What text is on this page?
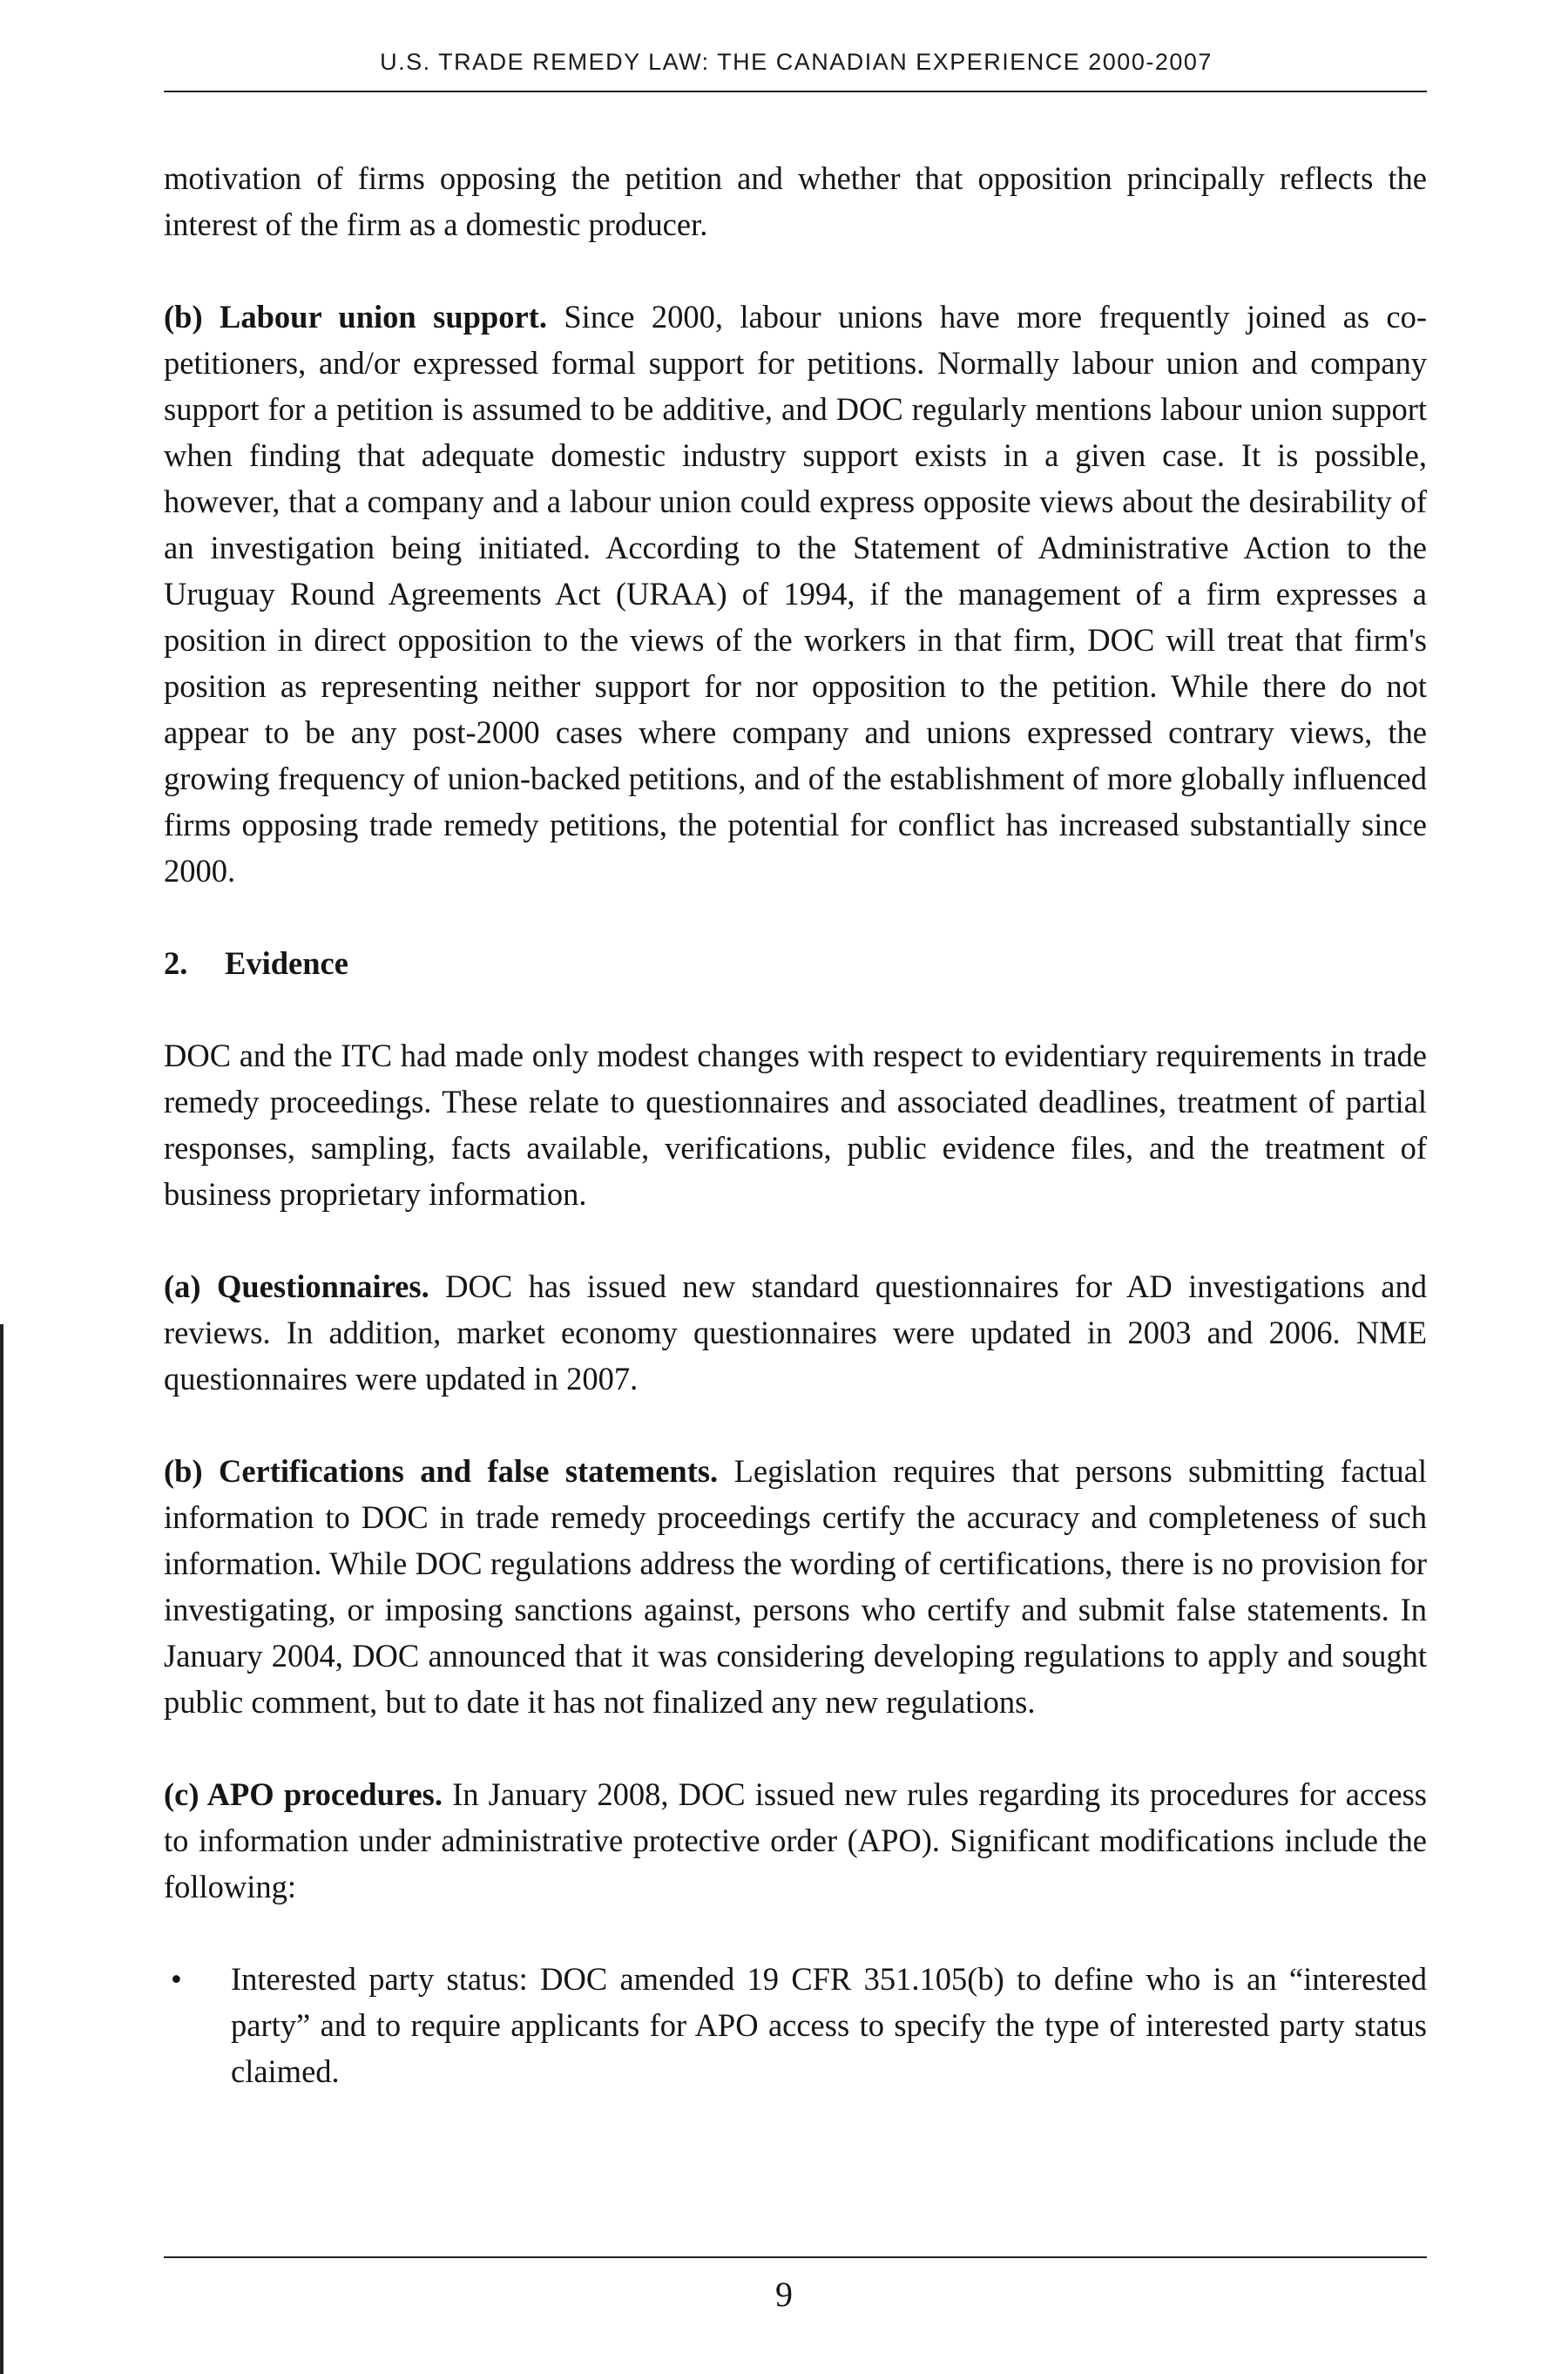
U.S. TRADE REMEDY LAW: THE CANADIAN EXPERIENCE 2000-2007

motivation of firms opposing the petition and whether that opposition principally reflects the interest of the firm as a domestic producer.

(b) Labour union support. Since 2000, labour unions have more frequently joined as co-petitioners, and/or expressed formal support for petitions. Normally labour union and company support for a petition is assumed to be additive, and DOC regularly mentions labour union support when finding that adequate domestic industry support exists in a given case. It is possible, however, that a company and a labour union could express opposite views about the desirability of an investigation being initiated. According to the Statement of Administrative Action to the Uruguay Round Agreements Act (URAA) of 1994, if the management of a firm expresses a position in direct opposition to the views of the workers in that firm, DOC will treat that firm's position as representing neither support for nor opposition to the petition. While there do not appear to be any post-2000 cases where company and unions expressed contrary views, the growing frequency of union-backed petitions, and of the establishment of more globally influenced firms opposing trade remedy petitions, the potential for conflict has increased substantially since 2000.

2. Evidence

DOC and the ITC had made only modest changes with respect to evidentiary requirements in trade remedy proceedings. These relate to questionnaires and associated deadlines, treatment of partial responses, sampling, facts available, verifications, public evidence files, and the treatment of business proprietary information.

(a) Questionnaires. DOC has issued new standard questionnaires for AD investigations and reviews. In addition, market economy questionnaires were updated in 2003 and 2006. NME questionnaires were updated in 2007.

(b) Certifications and false statements. Legislation requires that persons submitting factual information to DOC in trade remedy proceedings certify the accuracy and completeness of such information. While DOC regulations address the wording of certifications, there is no provision for investigating, or imposing sanctions against, persons who certify and submit false statements. In January 2004, DOC announced that it was considering developing regulations to apply and sought public comment, but to date it has not finalized any new regulations.

(c) APO procedures. In January 2008, DOC issued new rules regarding its procedures for access to information under administrative protective order (APO). Significant modifications include the following:

• Interested party status: DOC amended 19 CFR 351.105(b) to define who is an “interested party” and to require applicants for APO access to specify the type of interested party status claimed.
9
